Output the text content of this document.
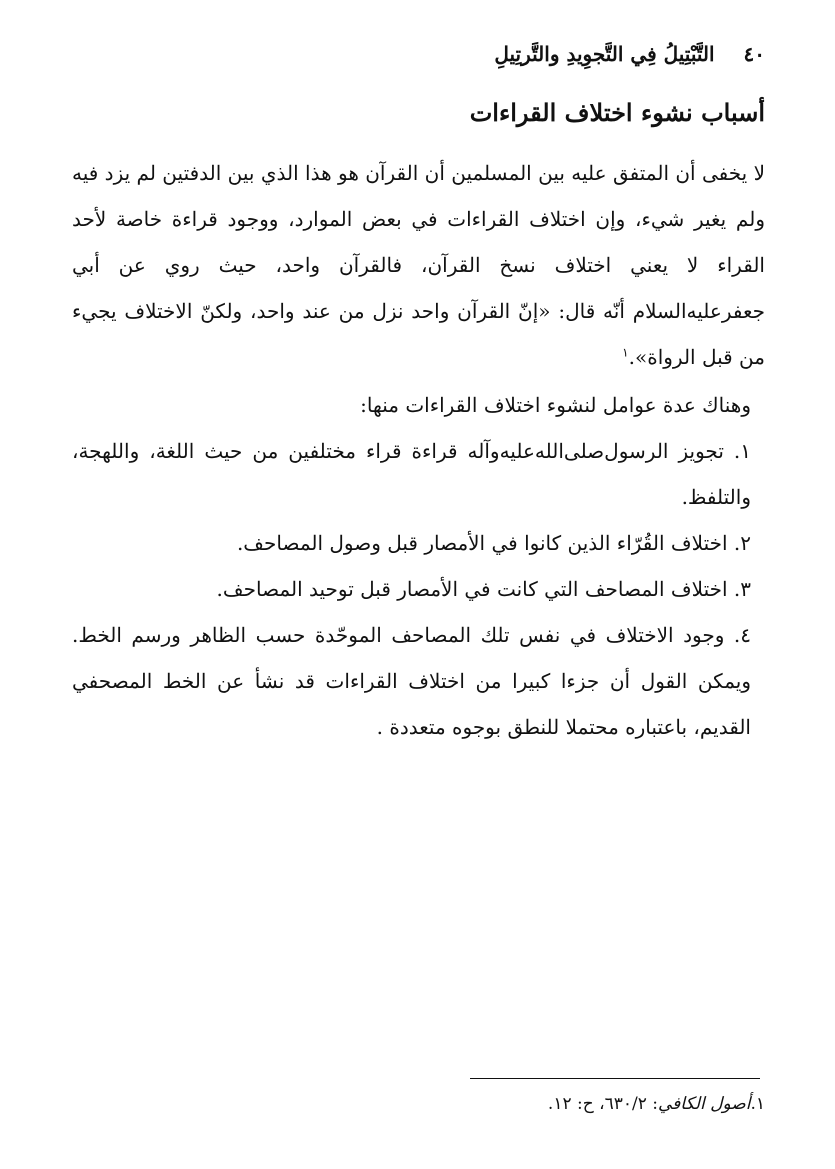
٤٠ التَّبْتِيلُ فِي التَّجوِيدِ والتَّرتِيلِ
أسباب نشوء اختلاف القراءات

لا يخفى أن المتفق عليه بين المسلمين أن القرآن هو هذا الذي بين الدفتين لم يزد فيه ولم يغير شيء، وإن اختلاف القراءات في بعض الموارد، ووجود قراءة خاصة لأحد القراء لا يعني اختلاف نسخ القرآن، فالقرآن واحد، حيث روي عن أبي جعفر‌عليه‌السلام أنّه قال: «إنّ القرآن واحد نزل من عند واحد، ولكنّ الاختلاف يجيء من قبل الرواة».$^١$

وهناك عدة عوامل لنشوء اختلاف القراءات منها:

١. تجويز الرسول‌صلى‌الله‌عليه‌وآله قراءة قراء مختلفين من حيث اللغة، واللهجة، والتلفظ.

٢. اختلاف القُرّاء الذين كانوا في الأمصار قبل وصول المصاحف.

٣. اختلاف المصاحف التي كانت في الأمصار قبل توحيد المصاحف.

٤. وجود الاختلاف في نفس تلك المصاحف الموحّدة حسب الظاهر ورسم الخط. ويمكن القول أن جزءا كبيرا من اختلاف القراءات قد نشأ عن الخط المصحفي القديم، باعتباره محتملا للنطق بوجوه متعددة .

١.أصول الكافي: ٦٣٠/٢، ح: ١٢.
